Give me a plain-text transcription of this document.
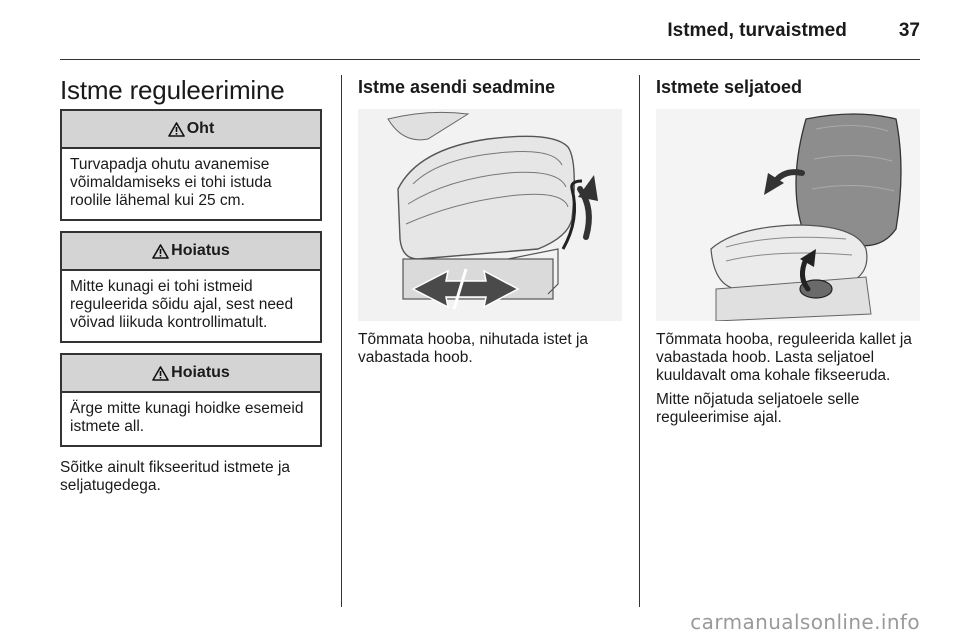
Istmed, turvaistmed	37
Istme reguleerimine
Oht
Turvapadja ohutu avanemise võimaldamiseks ei tohi istuda roolile lähemal kui 25 cm.
Hoiatus
Mitte kunagi ei tohi istmeid reguleerida sõidu ajal, sest need võivad liikuda kontrollimatult.
Hoiatus
Ärge mitte kunagi hoidke esemeid istmete all.

Sõitke ainult fikseeritud istmete ja seljatugedega.

Istme asendi seadmine

Tõmmata hooba, nihutada istet ja vabastada hoob.

Istmete seljatoed

Tõmmata hooba, reguleerida kallet ja vabastada hoob. Lasta seljatoel kuuldavalt oma kohale fikseeruda.

Mitte nõjatuda seljatoele selle reguleerimise ajal.

carmanualsonline.info
